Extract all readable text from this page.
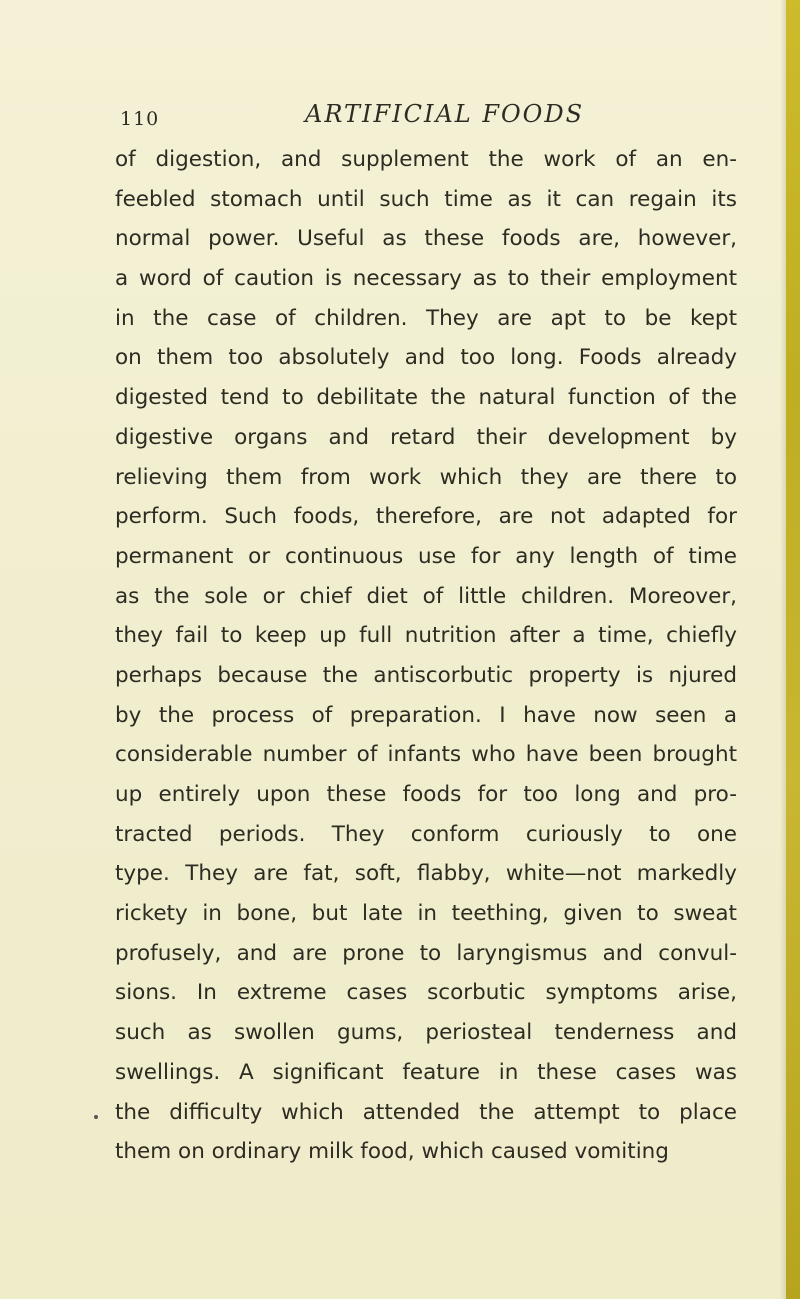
110	ARTIFICIAL FOODS
of digestion, and supplement the work of an en-
feebled stomach until such time as it can regain its
normal power. Useful as these foods are, however,
a word of caution is necessary as to their employment
in the case of children. They are apt to be kept
on them too absolutely and too long. Foods already
digested tend to debilitate the natural function of the
digestive organs and retard their development by
relieving them from work which they are there to
perform. Such foods, therefore, are not adapted for
permanent or continuous use for any length of time
as the sole or chief diet of little children. Moreover,
they fail to keep up full nutrition after a time, chiefly
perhaps because the antiscorbutic property is njured
by the process of preparation. I have now seen a
considerable number of infants who have been brought
up entirely upon these foods for too long and pro-
tracted periods. They conform curiously to one
type. They are fat, soft, flabby, white—not markedly
rickety in bone, but late in teething, given to sweat
profusely, and are prone to laryngismus and convul-
sions. In extreme cases scorbutic symptoms arise,
such as swollen gums, periosteal tenderness and
swellings. A significant feature in these cases was
the difficulty which attended the attempt to place
them on ordinary milk food, which caused vomiting
